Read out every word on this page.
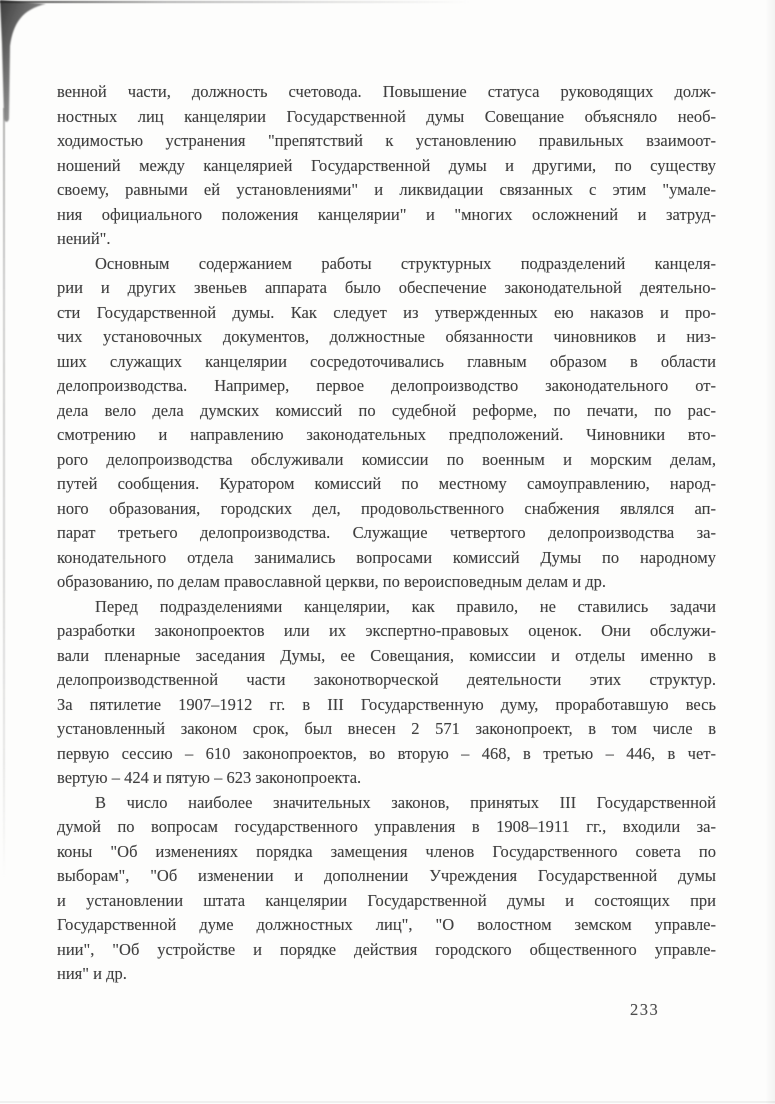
венной части, должность счетовода. Повышение статуса руководящих долж-
ностных лиц канцелярии Государственной думы Совещание объясняло необ-
ходимостью устранения "препятствий к установлению правильных взаимоот-
ношений между канцелярией Государственной думы и другими, по существу
своему, равными ей установлениями" и ликвидации связанных с этим "умале-
ния официального положения канцелярии" и "многих осложнений и затруд-
нений".
Основным содержанием работы структурных подразделений канцеля-
рии и других звеньев аппарата было обеспечение законодательной деятельно-
сти Государственной думы. Как следует из утвержденных ею наказов и про-
чих установочных документов, должностные обязанности чиновников и низ-
ших служащих канцелярии сосредоточивались главным образом в области
делопроизводства. Например, первое делопроизводство законодательного от-
дела вело дела думских комиссий по судебной реформе, по печати, по рас-
смотрению и направлению законодательных предположений. Чиновники вто-
рого делопроизводства обслуживали комиссии по военным и морским делам,
путей сообщения. Куратором комиссий по местному самоуправлению, народ-
ного образования, городских дел, продовольственного снабжения являлся ап-
парат третьего делопроизводства. Служащие четвертого делопроизводства за-
конодательного отдела занимались вопросами комиссий Думы по народному
образованию, по делам православной церкви, по вероисповедным делам и др.
Перед подразделениями канцелярии, как правило, не ставились задачи
разработки законопроектов или их экспертно-правовых оценок. Они обслужи-
вали пленарные заседания Думы, ее Совещания, комиссии и отделы именно в
делопроизводственной части законотворческой деятельности этих структур.
За пятилетие 1907–1912 гг. в III Государственную думу, проработавшую весь
установленный законом срок, был внесен 2 571 законопроект, в том числе в
первую сессию – 610 законопроектов, во вторую – 468, в третью – 446, в чет-
вертую – 424 и пятую – 623 законопроекта.
В число наиболее значительных законов, принятых III Государственной
думой по вопросам государственного управления в 1908–1911 гг., входили за-
коны "Об изменениях порядка замещения членов Государственного совета по
выборам", "Об изменении и дополнении Учреждения Государственной думы
и установлении штата канцелярии Государственной думы и состоящих при
Государственной думе должностных лиц", "О волостном земском управле-
нии", "Об устройстве и порядке действия городского общественного управле-
ния" и др.
233
